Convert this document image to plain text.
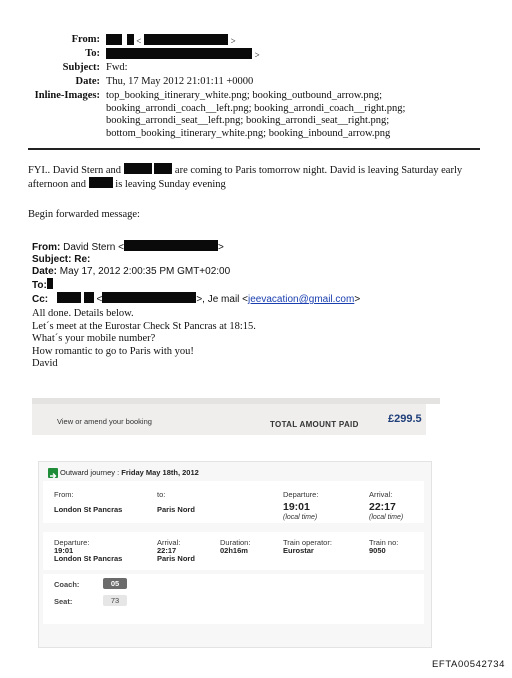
From:	<	>
To:	>
Subject: Fwd:
Date: Thu, 17 May 2012 21:01:11 +0000
Inline-Images: top_booking_itinerary_white.png; booking_outbound_arrow.png;
booking_arrondi_coach__left.png; booking_arrondi_coach__right.png;
booking_arrondi_seat__left.png; booking_arrondi_seat__right.png;
bottom_booking_itinerary_white.png; booking_inbound_arrow.png
FYI.. David Stern and	are coming to Paris tomorrow night. David is leaving Saturday early
afternoon and	is leaving Sunday evening
Begin forwarded message:
From: David Stern <	>
Subject: Re:
Date: May 17, 2012 2:00:35 PM GMT+02:00
To:
Cc:	<	>, Je mail <jeevacation@gmail.com>
All done. Details below.
Let´s meet at the Eurostar Check St Pancras at 18:15.
What´s your mobile number?
How romantic to go to Paris with you!
David
View or amend your booking	TOTAL AMOUNT PAID	£299.5
Outward journey : Friday May 18th, 2012
From:
London St Pancras
to:
Paris Nord
Departure:
19:01
(local time)
Arrival:
22:17
(local time)
Departure:
19:01
London St Pancras
Arrival:
22:17
Paris Nord
Duration:
02h16m
Train operator:
Eurostar
Train no:
9050
Coach:	05
Seat:	73
EFTA00542734
